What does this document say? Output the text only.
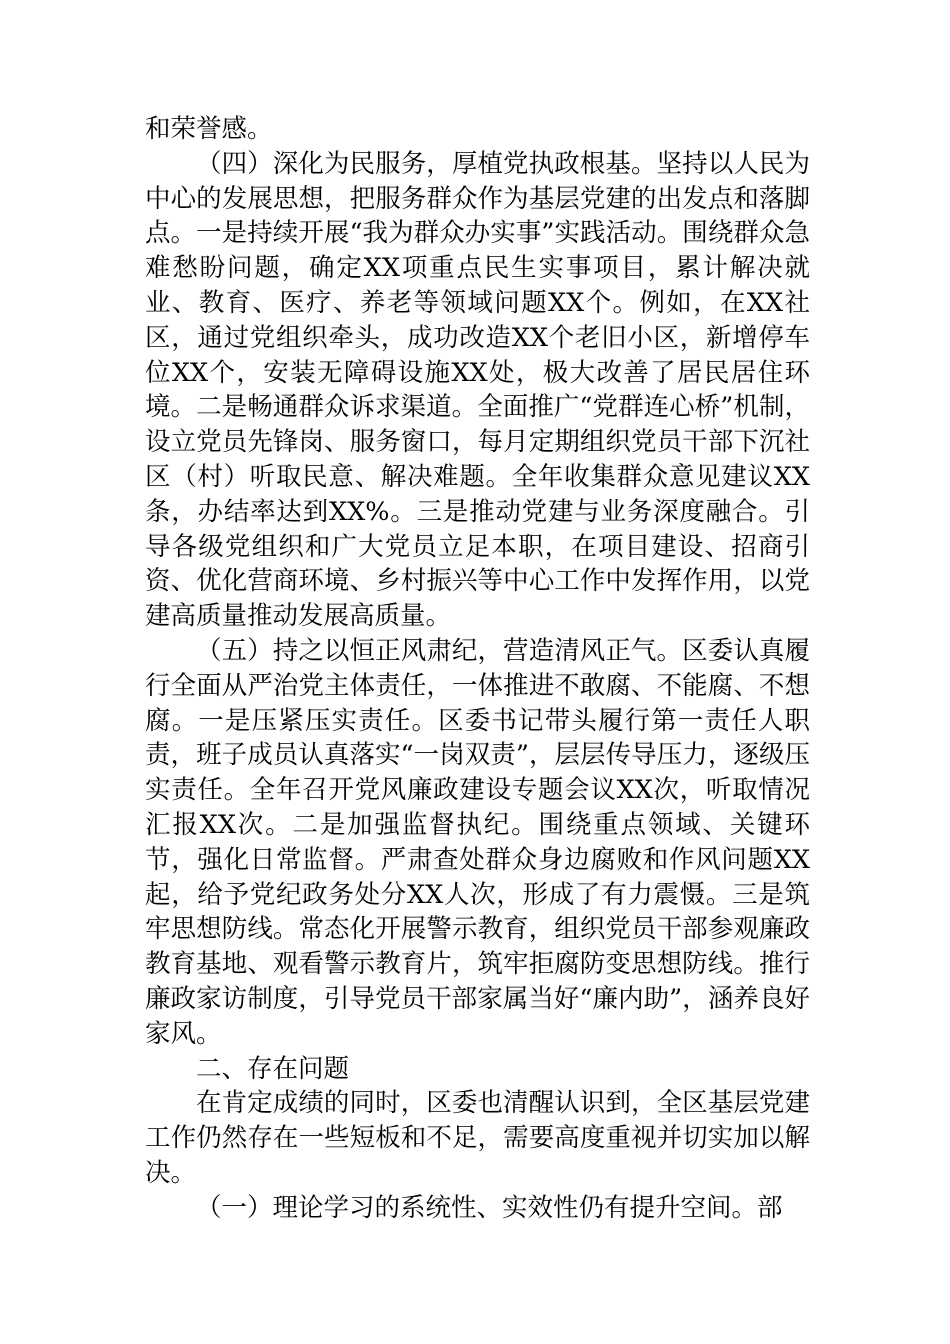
和荣誉感。

（四）深化为民服务，厚植党执政根基。坚持以人民为中心的发展思想，把服务群众作为基层党建的出发点和落脚点。一是持续开展“我为群众办实事”实践活动。围绕群众急难愁盼问题，确定XX项重点民生实事项目，累计解决就业、教育、医疗、养老等领域问题XX个。例如，在XX社区，通过党组织牵头，成功改造XX个老旧小区，新增停车位XX个，安装无障碍设施XX处，极大改善了居民居住环境。二是畅通群众诉求渠道。全面推广“党群连心桥”机制，设立党员先锋岗、服务窗口，每月定期组织党员干部下沉社区（村）听取民意、解决难题。全年收集群众意见建议XX条，办结率达到XX%。三是推动党建与业务深度融合。引导各级党组织和广大党员立足本职，在项目建设、招商引资、优化营商环境、乡村振兴等中心工作中发挥作用，以党建高质量推动发展高质量。

（五）持之以恒正风肃纪，营造清风正气。区委认真履行全面从严治党主体责任，一体推进不敢腐、不能腐、不想腐。一是压紧压实责任。区委书记带头履行第一责任人职责，班子成员认真落实“一岗双责”，层层传导压力，逐级压实责任。全年召开党风廉政建设专题会议XX次，听取情况汇报XX次。二是加强监督执纪。围绕重点领域、关键环节，强化日常监督。严肃查处群众身边腐败和作风问题XX起，给予党纪政务处分XX人次，形成了有力震慑。三是筑牢思想防线。常态化开展警示教育，组织党员干部参观廉政教育基地、观看警示教育片，筑牢拒腐防变思想防线。推行廉政家访制度，引导党员干部家属当好“廉内助”，涵养良好家风。

二、存在问题

在肯定成绩的同时，区委也清醒认识到，全区基层党建工作仍然存在一些短板和不足，需要高度重视并切实加以解决。

（一）理论学习的系统性、实效性仍有提升空间。部
